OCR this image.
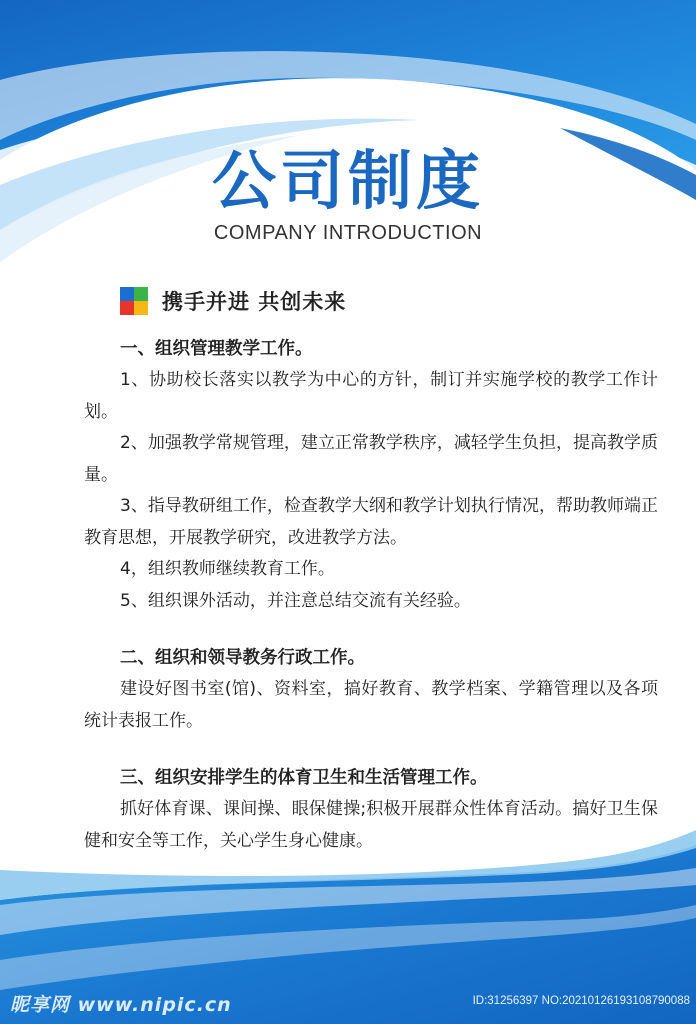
公司制度
COMPANY INTRODUCTION
携手并进 共创未来

一、组织管理教学工作。

1、协助校长落实以教学为中心的方针，制订并实施学校的教学工作计划。

2、加强教学常规管理，建立正常教学秩序，减轻学生负担，提高教学质量。

3、指导教研组工作，检查教学大纲和教学计划执行情况，帮助教师端正教育思想，开展教学研究，改进教学方法。

4，组织教师继续教育工作。

5、组织课外活动，并注意总结交流有关经验。

二、组织和领导教务行政工作。

建设好图书室(馆)、资料室，搞好教育、教学档案、学籍管理以及各项统计表报工作。

三、组织安排学生的体育卫生和生活管理工作。

抓好体育课、课间操、眼保健操;积极开展群众性体育活动。搞好卫生保健和安全等工作，关心学生身心健康。

昵享网 www.nipic.cn	ID:31256397 NO:20210126193108790088
